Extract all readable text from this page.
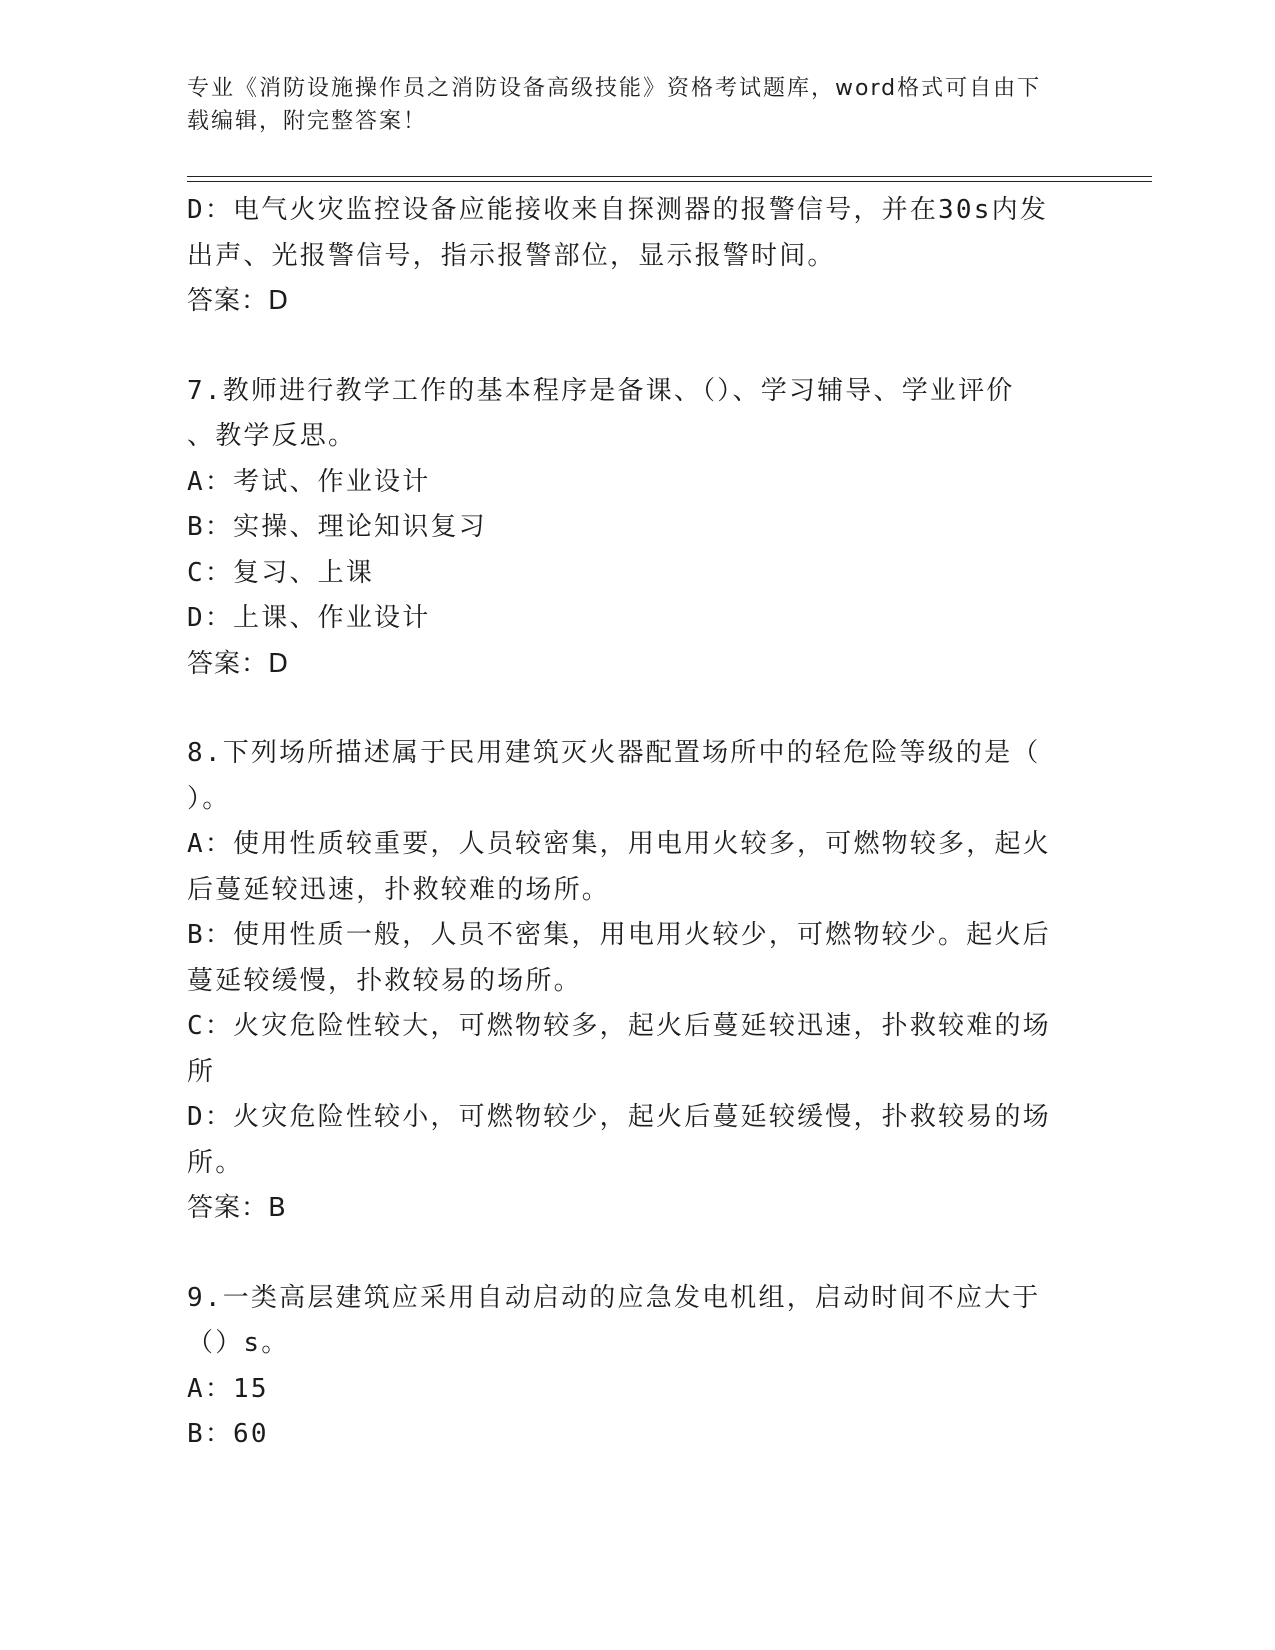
专业《消防设施操作员之消防设备高级技能》资格考试题库，word格式可自由下
载编辑，附完整答案！
D：电气火灾监控设备应能接收来自探测器的报警信号，并在30s内发
出声、光报警信号，指示报警部位，显示报警时间。
答案：D
7.教师进行教学工作的基本程序是备课、（）、学习辅导、学业评价
、教学反思。
A：考试、作业设计
B：实操、理论知识复习
C：复习、上课
D：上课、作业设计
答案：D
8.下列场所描述属于民用建筑灭火器配置场所中的轻危险等级的是（
）。
A：使用性质较重要，人员较密集，用电用火较多，可燃物较多，起火
后蔓延较迅速，扑救较难的场所。
B：使用性质一般，人员不密集，用电用火较少，可燃物较少。起火后
蔓延较缓慢，扑救较易的场所。
C：火灾危险性较大，可燃物较多，起火后蔓延较迅速，扑救较难的场
所
D：火灾危险性较小，可燃物较少，起火后蔓延较缓慢，扑救较易的场
所。
答案：B
9.一类高层建筑应采用自动启动的应急发电机组，启动时间不应大于
（）s。
A：15
B：60
